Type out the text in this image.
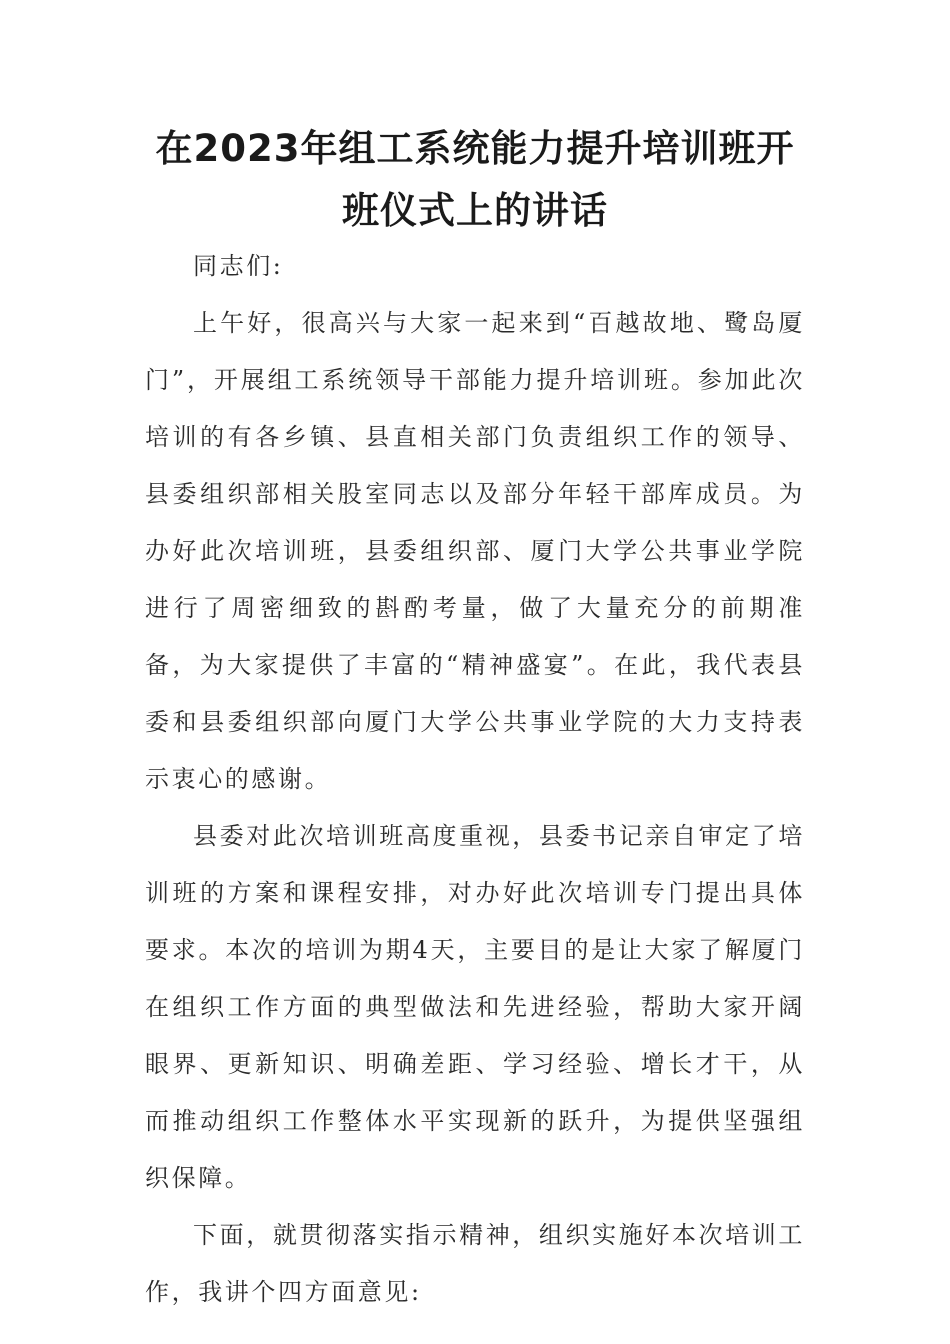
在2023年组工系统能力提升培训班开
班仪式上的讲话

同志们:

上午好，很高兴与大家一起来到“百越故地、鹭岛厦门”，开展组工系统领导干部能力提升培训班。参加此次培训的有各乡镇、县直相关部门负责组织工作的领导、县委组织部相关股室同志以及部分年轻干部库成员。为办好此次培训班，县委组织部、厦门大学公共事业学院进行了周密细致的斟酌考量，做了大量充分的前期准备，为大家提供了丰富的“精神盛宴”。在此，我代表县委和县委组织部向厦门大学公共事业学院的大力支持表示衷心的感谢。

县委对此次培训班高度重视，县委书记亲自审定了培训班的方案和课程安排，对办好此次培训专门提出具体要求。本次的培训为期4天，主要目的是让大家了解厦门在组织工作方面的典型做法和先进经验，帮助大家开阔眼界、更新知识、明确差距、学习经验、增长才干，从而推动组织工作整体水平实现新的跃升，为提供坚强组织保障。

下面，就贯彻落实指示精神，组织实施好本次培训工作，我讲个四方面意见:
